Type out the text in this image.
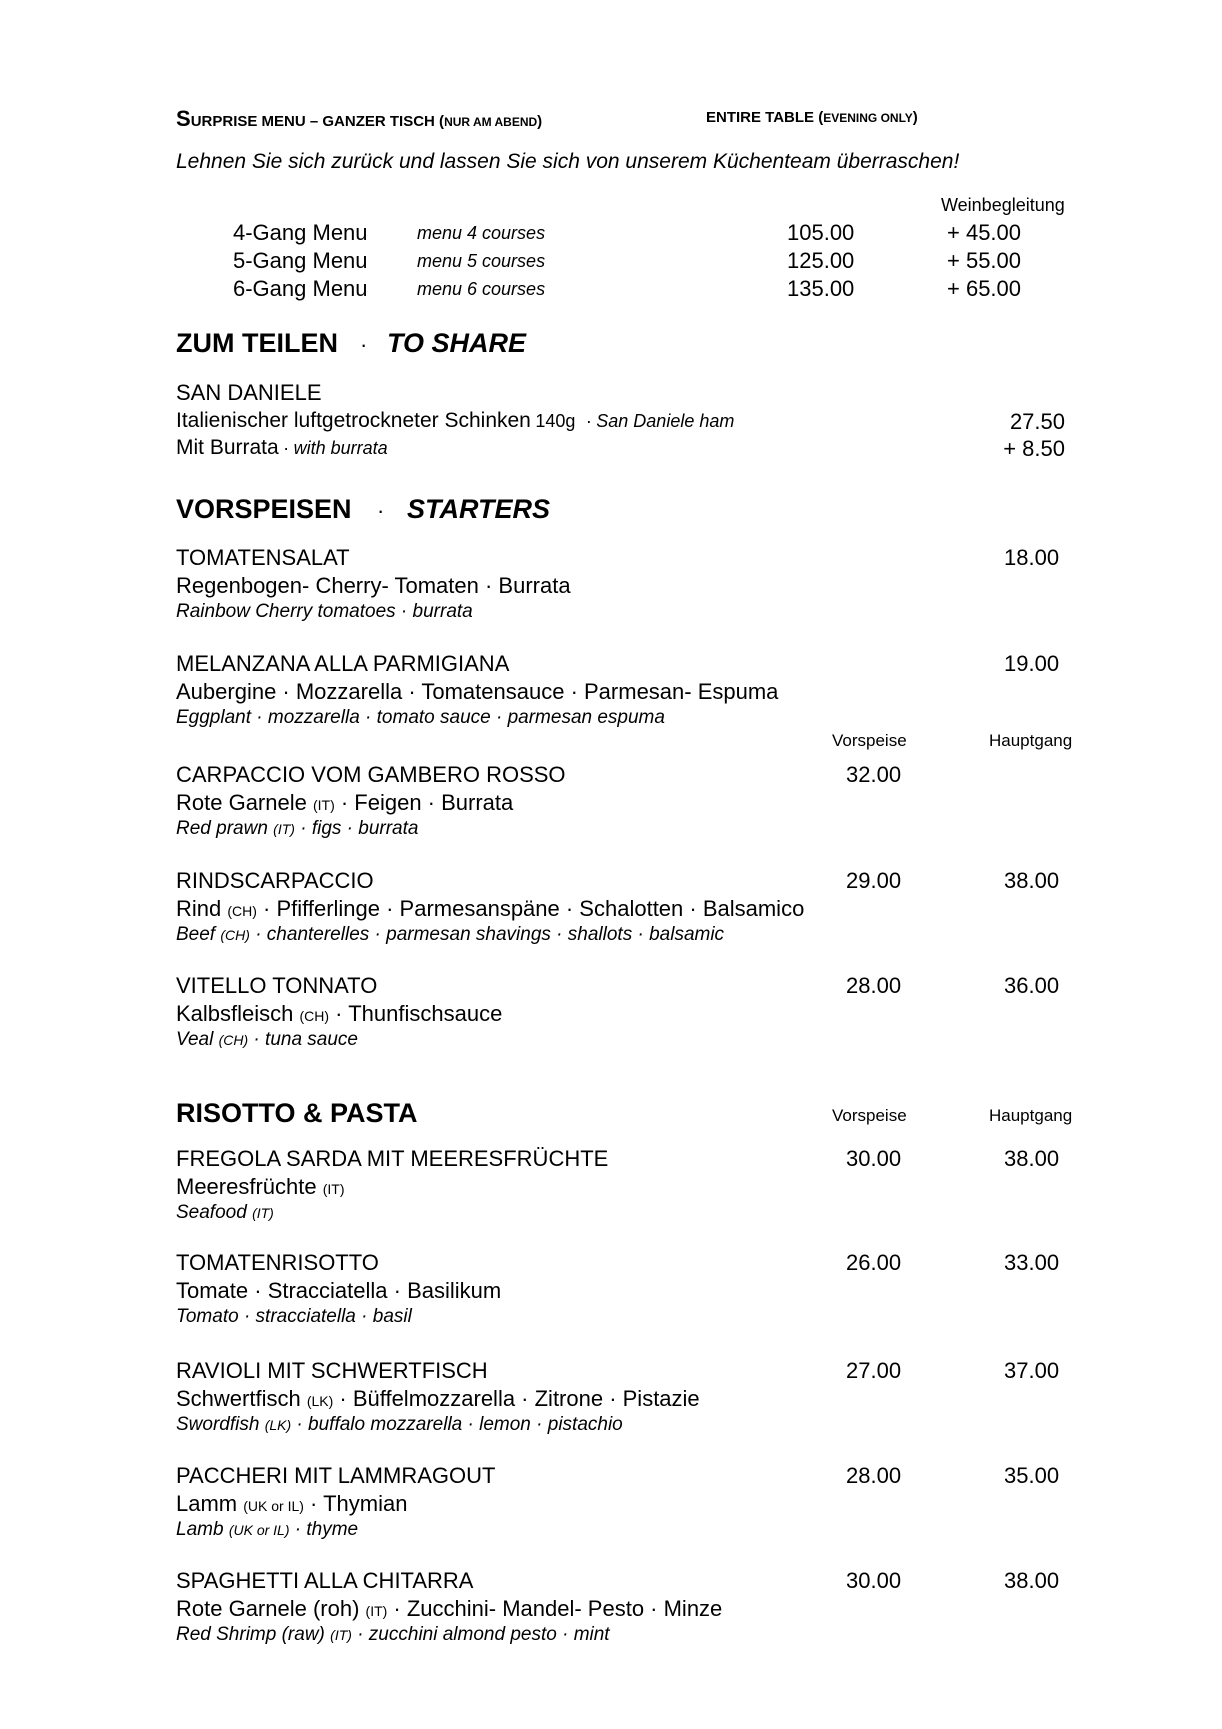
SURPRISE MENU – GANZER TISCH (NUR AM ABEND)	ENTIRE TABLE (EVENING ONLY)
Lehnen Sie sich zurück und lassen Sie sich von unserem Küchenteam überraschen!
Weinbegleitung
4-Gang Menu	menu 4 courses	105.00	+ 45.00
5-Gang Menu	menu 5 courses	125.00	+ 55.00
6-Gang Menu	menu 6 courses	135.00	+ 65.00
ZUM TEILEN · TO SHARE
SAN DANIELE
Italienischer luftgetrockneter Schinken 140g · San Daniele ham	27.50
Mit Burrata · with burrata	+ 8.50
VORSPEISEN · STARTERS
TOMATENSALAT	18.00
Regenbogen- Cherry- Tomaten · Burrata
Rainbow Cherry tomatoes · burrata
MELANZANA ALLA PARMIGIANA	19.00
Aubergine · Mozzarella · Tomatensauce · Parmesan- Espuma
Eggplant · mozzarella · tomato sauce · parmesan espuma
Vorspeise	Hauptgang
CARPACCIO VOM GAMBERO ROSSO	32.00
Rote Garnele (IT) · Feigen · Burrata
Red prawn (IT) · figs · burrata
RINDSCARPACCIO	29.00	38.00
Rind (CH) · Pfifferlinge · Parmesanspäne · Schalotten · Balsamico
Beef (CH) · chanterelles · parmesan shavings · shallots · balsamic
VITELLO TONNATO	28.00	36.00
Kalbsfleisch (CH) · Thunfischsauce
Veal (CH) · tuna sauce
RISOTTO & PASTA	Vorspeise	Hauptgang
FREGOLA SARDA MIT MEERESFRÜCHTE	30.00	38.00
Meeresfrüchte (IT)
Seafood (IT)
TOMATENRISOTTO	26.00	33.00
Tomate · Stracciatella · Basilikum
Tomato · stracciatella · basil
RAVIOLI MIT SCHWERTFISCH	27.00	37.00
Schwertfisch (LK) · Büffelmozzarella · Zitrone · Pistazie
Swordfish (LK) · buffalo mozzarella · lemon · pistachio
PACCHERI MIT LAMMRAGOUT	28.00	35.00
Lamm (UK or IL) · Thymian
Lamb (UK or IL) · thyme
SPAGHETTI ALLA CHITARRA	30.00	38.00
Rote Garnele (roh) (IT) · Zucchini- Mandel- Pesto · Minze
Red Shrimp (raw) (IT) · zucchini almond pesto · mint
